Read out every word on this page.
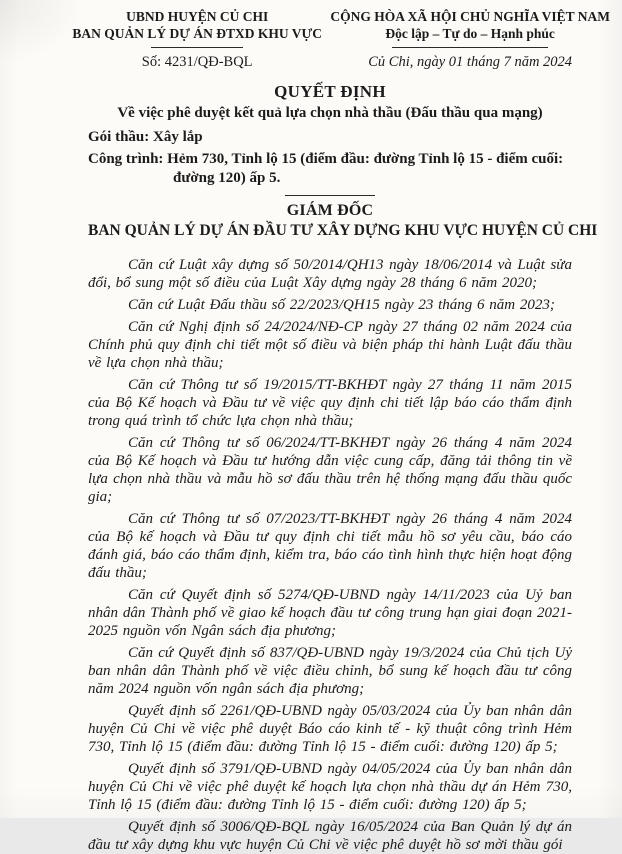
UBND HUYỆN CỦ CHI
BAN QUẢN LÝ DỰ ÁN ĐTXD KHU VỰC
Số: 4231/QĐ-BQL
CỘNG HÒA XÃ HỘI CHỦ NGHĨA VIỆT NAM
Độc lập – Tự do – Hạnh phúc
Củ Chi, ngày 01 tháng 7 năm 2024
QUYẾT ĐỊNH
Về việc phê duyệt kết quả lựa chọn nhà thầu (Đấu thầu qua mạng)
Gói thầu: Xây lắp
Công trình: Hẻm 730, Tỉnh lộ 15 (điểm đầu: đường Tỉnh lộ 15 - điểm cuối: đường 120) ấp 5.
GIÁM ĐỐC
BAN QUẢN LÝ DỰ ÁN ĐẦU TƯ XÂY DỰNG KHU VỰC HUYỆN CỦ CHI

Căn cứ Luật xây dựng số 50/2014/QH13 ngày 18/06/2014 và Luật sửa đổi, bổ sung một số điều của Luật Xây dựng ngày 28 tháng 6 năm 2020;

Căn cứ Luật Đấu thầu số 22/2023/QH15 ngày 23 tháng 6 năm 2023;

Căn cứ Nghị định số 24/2024/NĐ-CP ngày 27 tháng 02 năm 2024 của Chính phủ quy định chi tiết một số điều và biện pháp thi hành Luật đấu thầu về lựa chọn nhà thầu;

Căn cứ Thông tư số 19/2015/TT-BKHĐT ngày 27 tháng 11 năm 2015 của Bộ Kế hoạch và Đầu tư về việc quy định chi tiết lập báo cáo thẩm định trong quá trình tổ chức lựa chọn nhà thầu;

Căn cứ Thông tư số 06/2024/TT-BKHĐT ngày 26 tháng 4 năm 2024 của Bộ Kế hoạch và Đầu tư hướng dẫn việc cung cấp, đăng tải thông tin về lựa chọn nhà thầu và mẫu hồ sơ đấu thầu trên hệ thống mạng đấu thầu quốc gia;

Căn cứ Thông tư số 07/2023/TT-BKHĐT ngày 26 tháng 4 năm 2024 của Bộ kế hoạch và Đầu tư quy định chi tiết mẫu hồ sơ yêu cầu, báo cáo đánh giá, báo cáo thẩm định, kiểm tra, báo cáo tình hình thực hiện hoạt động đấu thầu;

Căn cứ Quyết định số 5274/QĐ-UBND ngày 14/11/2023 của Uỷ ban nhân dân Thành phố về giao kế hoạch đầu tư công trung hạn giai đoạn 2021-2025 nguồn vốn Ngân sách địa phương;

Căn cứ Quyết định số 837/QĐ-UBND ngày 19/3/2024 của Chủ tịch Uỷ ban nhân dân Thành phố về việc điều chỉnh, bổ sung kế hoạch đầu tư công năm 2024 nguồn vốn ngân sách địa phương;

Quyết định số 2261/QĐ-UBND ngày 05/03/2024 của Ủy ban nhân dân huyện Củ Chi về việc phê duyệt Báo cáo kinh tế - kỹ thuật công trình Hẻm 730, Tỉnh lộ 15 (điểm đầu: đường Tỉnh lộ 15 - điểm cuối: đường 120) ấp 5;

Quyết định số 3791/QĐ-UBND ngày 04/05/2024 của Ủy ban nhân dân huyện Củ Chi về việc phê duyệt kế hoạch lựa chọn nhà thầu dự án Hẻm 730, Tỉnh lộ 15 (điểm đầu: đường Tỉnh lộ 15 - điểm cuối: đường 120) ấp 5;

Quyết định số 3006/QĐ-BQL ngày 16/05/2024 của Ban Quản lý dự án đầu tư xây dựng khu vực huyện Củ Chi về việc phê duyệt hồ sơ mời thầu gói
